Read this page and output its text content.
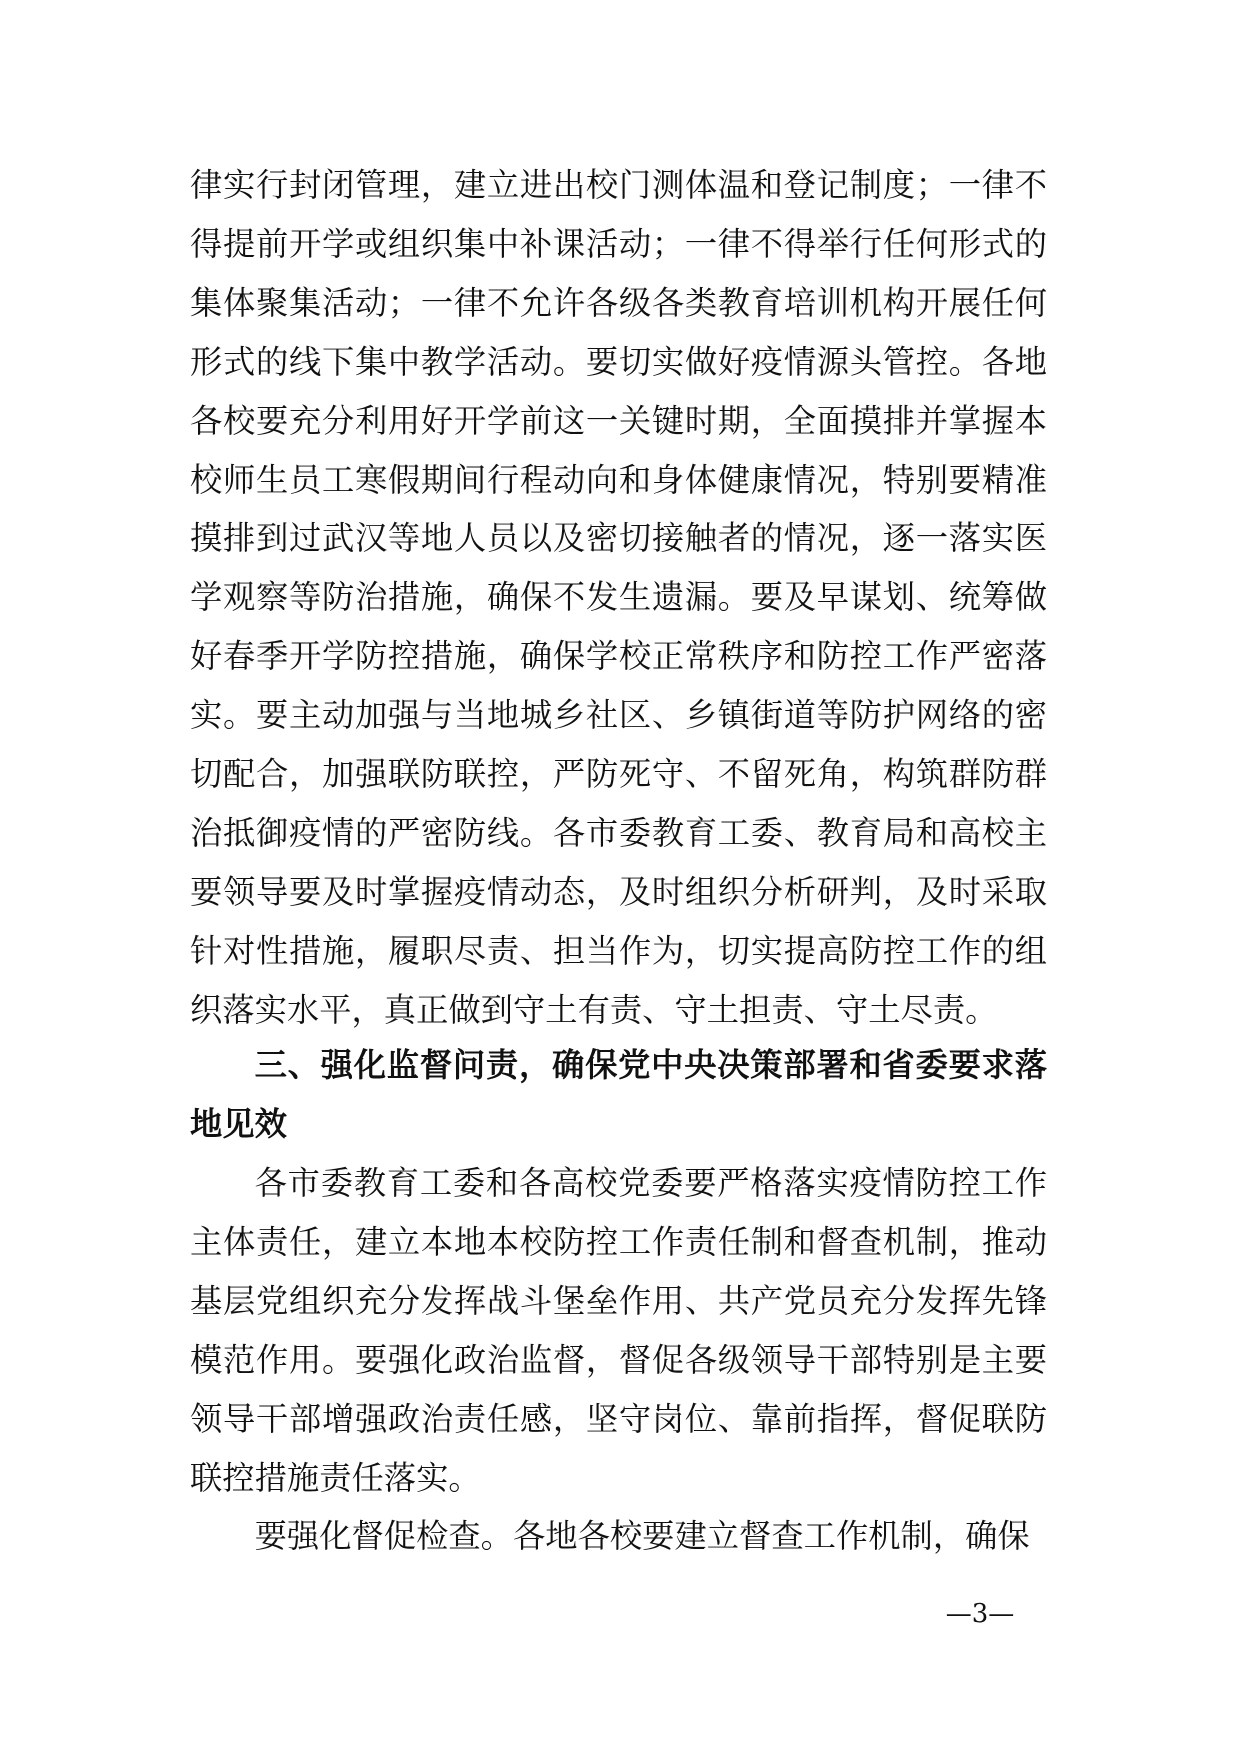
律实行封闭管理，建立进出校门测体温和登记制度；一律不得提前开学或组织集中补课活动；一律不得举行任何形式的集体聚集活动；一律不允许各级各类教育培训机构开展任何形式的线下集中教学活动。要切实做好疫情源头管控。各地各校要充分利用好开学前这一关键时期，全面摸排并掌握本校师生员工寒假期间行程动向和身体健康情况，特别要精准摸排到过武汉等地人员以及密切接触者的情况，逐一落实医学观察等防治措施，确保不发生遗漏。要及早谋划、统筹做好春季开学防控措施，确保学校正常秩序和防控工作严密落实。要主动加强与当地城乡社区、乡镇街道等防护网络的密切配合，加强联防联控，严防死守、不留死角，构筑群防群治抵御疫情的严密防线。各市委教育工委、教育局和高校主要领导要及时掌握疫情动态，及时组织分析研判，及时采取针对性措施，履职尽责、担当作为，切实提高防控工作的组织落实水平，真正做到守土有责、守土担责、守土尽责。

三、强化监督问责，确保党中央决策部署和省委要求落地见效

各市委教育工委和各高校党委要严格落实疫情防控工作主体责任，建立本地本校防控工作责任制和督查机制，推动基层党组织充分发挥战斗堡垒作用、共产党员充分发挥先锋模范作用。要强化政治监督，督促各级领导干部特别是主要领导干部增强政治责任感，坚守岗位、靠前指挥，督促联防联控措施责任落实。

要强化督促检查。各地各校要建立督查工作机制，确保

—3—
